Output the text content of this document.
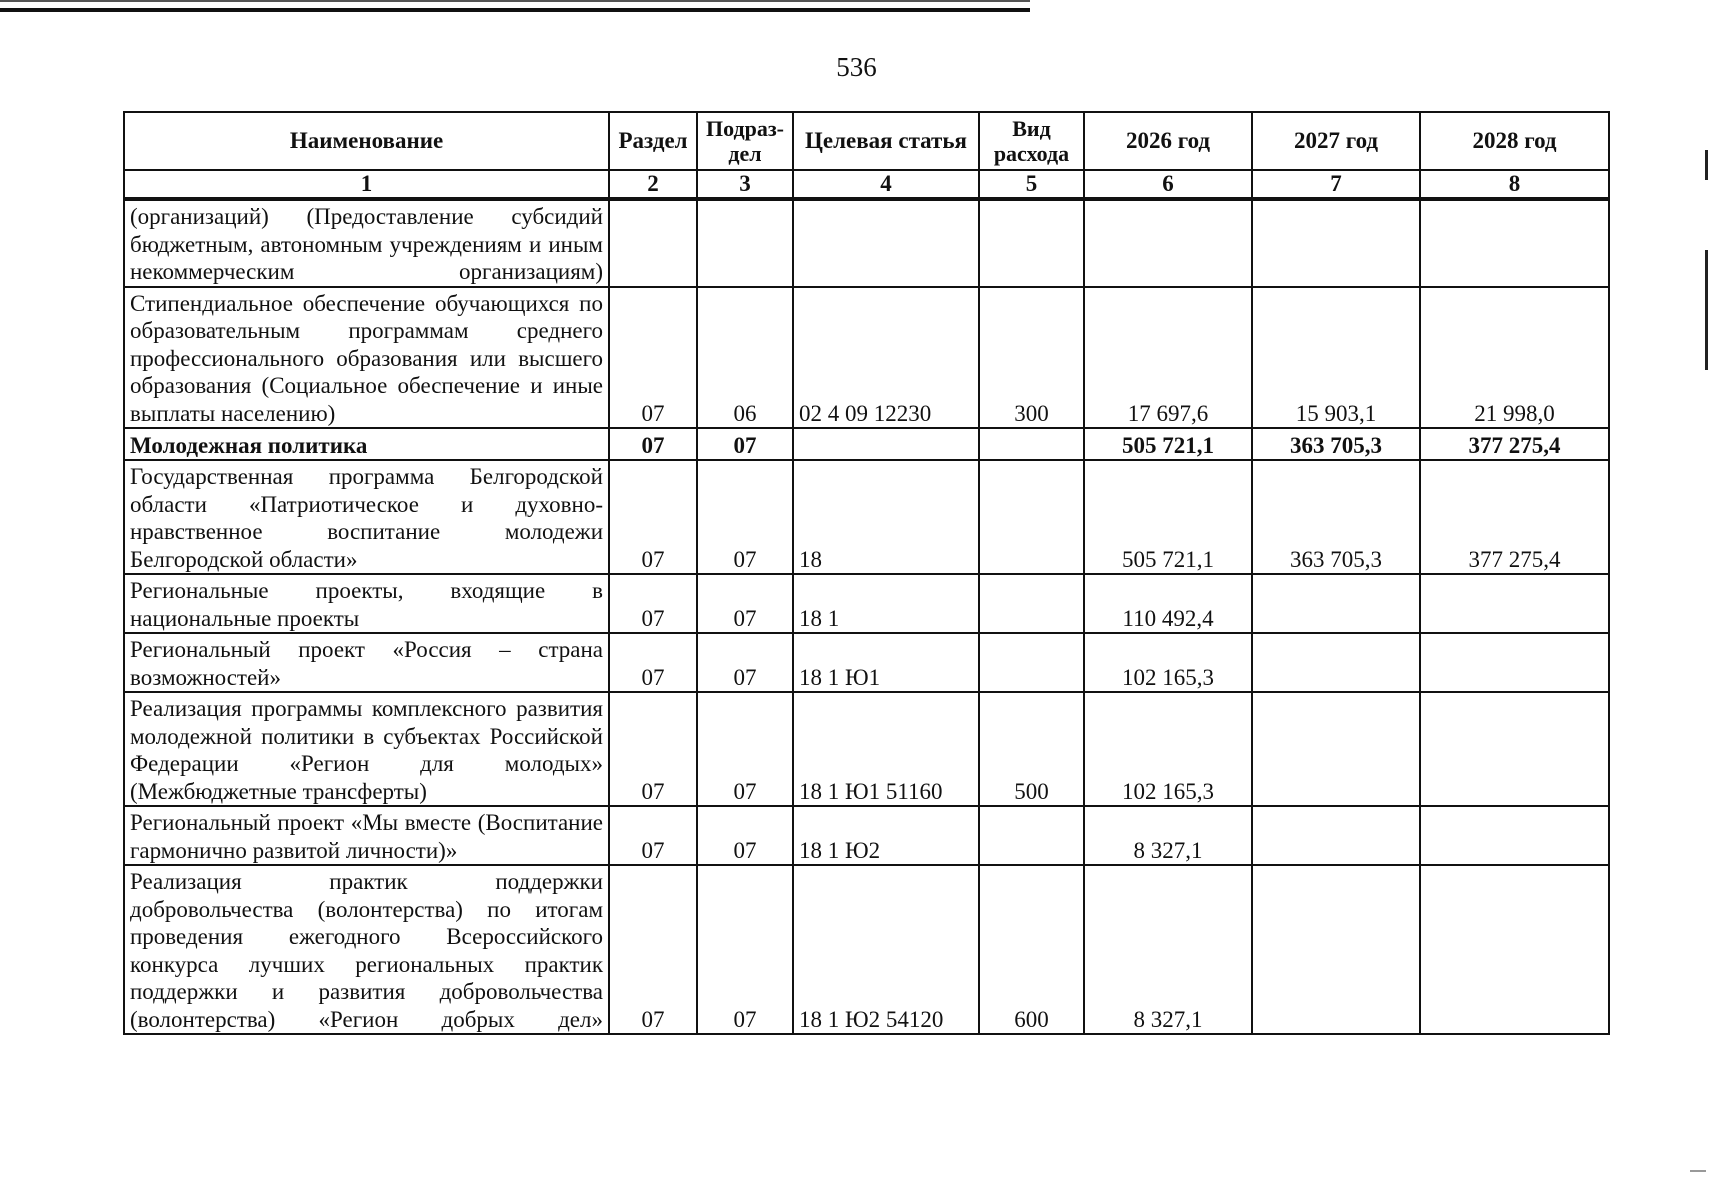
536
Наименование	Раздел	Подраз-дел	Целевая статья	Вид расхода	2026 год	2027 год	2028 год
1	2	3	4	5	6	7	8
(организаций) (Предоставление субсидий бюджетным, автономным учреждениям и иным некоммерческим организациям)							
Стипендиальное обеспечение обучающихся по образовательным программам среднего профессионального образования или высшего образования (Социальное обеспечение и иные выплаты населению)	07	06	02 4 09 12230	300	17 697,6	15 903,1	21 998,0
Молодежная политика	07	07			505 721,1	363 705,3	377 275,4
Государственная программа Белгородской области «Патриотическое и духовно-нравственное воспитание молодежи Белгородской области»	07	07	18		505 721,1	363 705,3	377 275,4
Региональные проекты, входящие в национальные проекты	07	07	18 1		110 492,4		
Региональный проект «Россия – страна возможностей»	07	07	18 1 Ю1		102 165,3		
Реализация программы комплексного развития молодежной политики в субъектах Российской Федерации «Регион для молодых» (Межбюджетные трансферты)	07	07	18 1 Ю1 51160	500	102 165,3		
Региональный проект «Мы вместе (Воспитание гармонично развитой личности)»	07	07	18 1 Ю2		8 327,1		
Реализация практик поддержки добровольчества (волонтерства) по итогам проведения ежегодного Всероссийского конкурса лучших региональных практик поддержки и развития добровольчества (волонтерства) «Регион добрых дел»	07	07	18 1 Ю2 54120	600	8 327,1		
